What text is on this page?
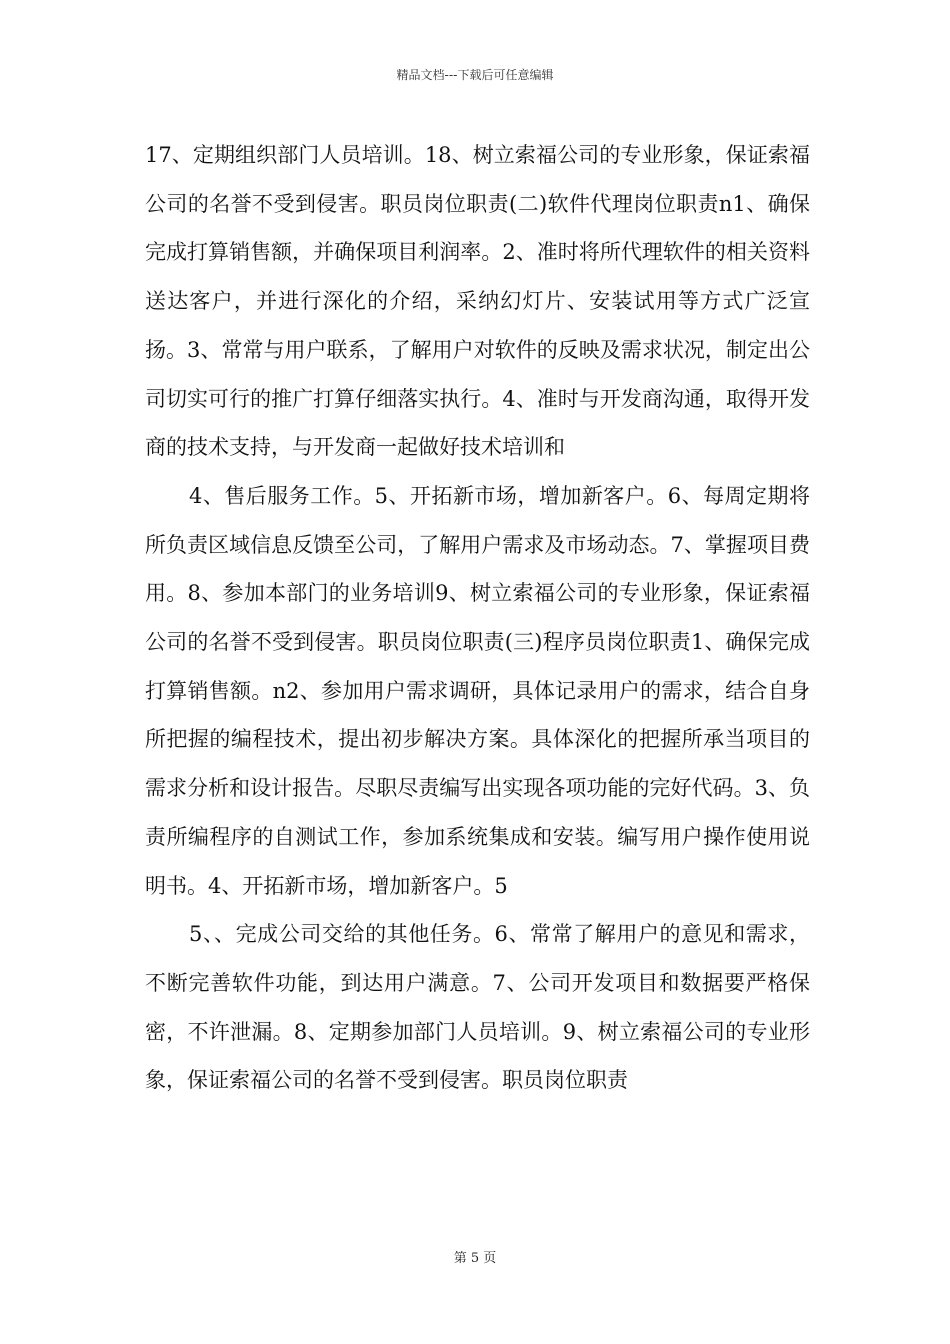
精品文档---下载后可任意编辑

17、定期组织部门人员培训。18、树立索福公司的专业形象，保证索福公司的名誉不受到侵害。职员岗位职责(二)软件代理岗位职责n1、确保完成打算销售额，并确保项目利润率。2、准时将所代理软件的相关资料送达客户，并进行深化的介绍，采纳幻灯片、安装试用等方式广泛宣扬。3、常常与用户联系，了解用户对软件的反映及需求状况，制定出公司切实可行的推广打算仔细落实执行。4、准时与开发商沟通，取得开发商的技术支持，与开发商一起做好技术培训和

4、售后服务工作。5、开拓新市场，增加新客户。6、每周定期将所负责区域信息反馈至公司，了解用户需求及市场动态。7、掌握项目费用。8、参加本部门的业务培训9、树立索福公司的专业形象，保证索福公司的名誉不受到侵害。职员岗位职责(三)程序员岗位职责1、确保完成打算销售额。n2、参加用户需求调研，具体记录用户的需求，结合自身所把握的编程技术，提出初步解决方案。具体深化的把握所承当项目的需求分析和设计报告。尽职尽责编写出实现各项功能的完好代码。3、负责所编程序的自测试工作，参加系统集成和安装。编写用户操作使用说明书。4、开拓新市场，增加新客户。5

5、、完成公司交给的其他任务。6、常常了解用户的意见和需求，不断完善软件功能，到达用户满意。7、公司开发项目和数据要严格保密，不许泄漏。8、定期参加部门人员培训。9、树立索福公司的专业形象，保证索福公司的名誉不受到侵害。职员岗位职责

第 5 页
